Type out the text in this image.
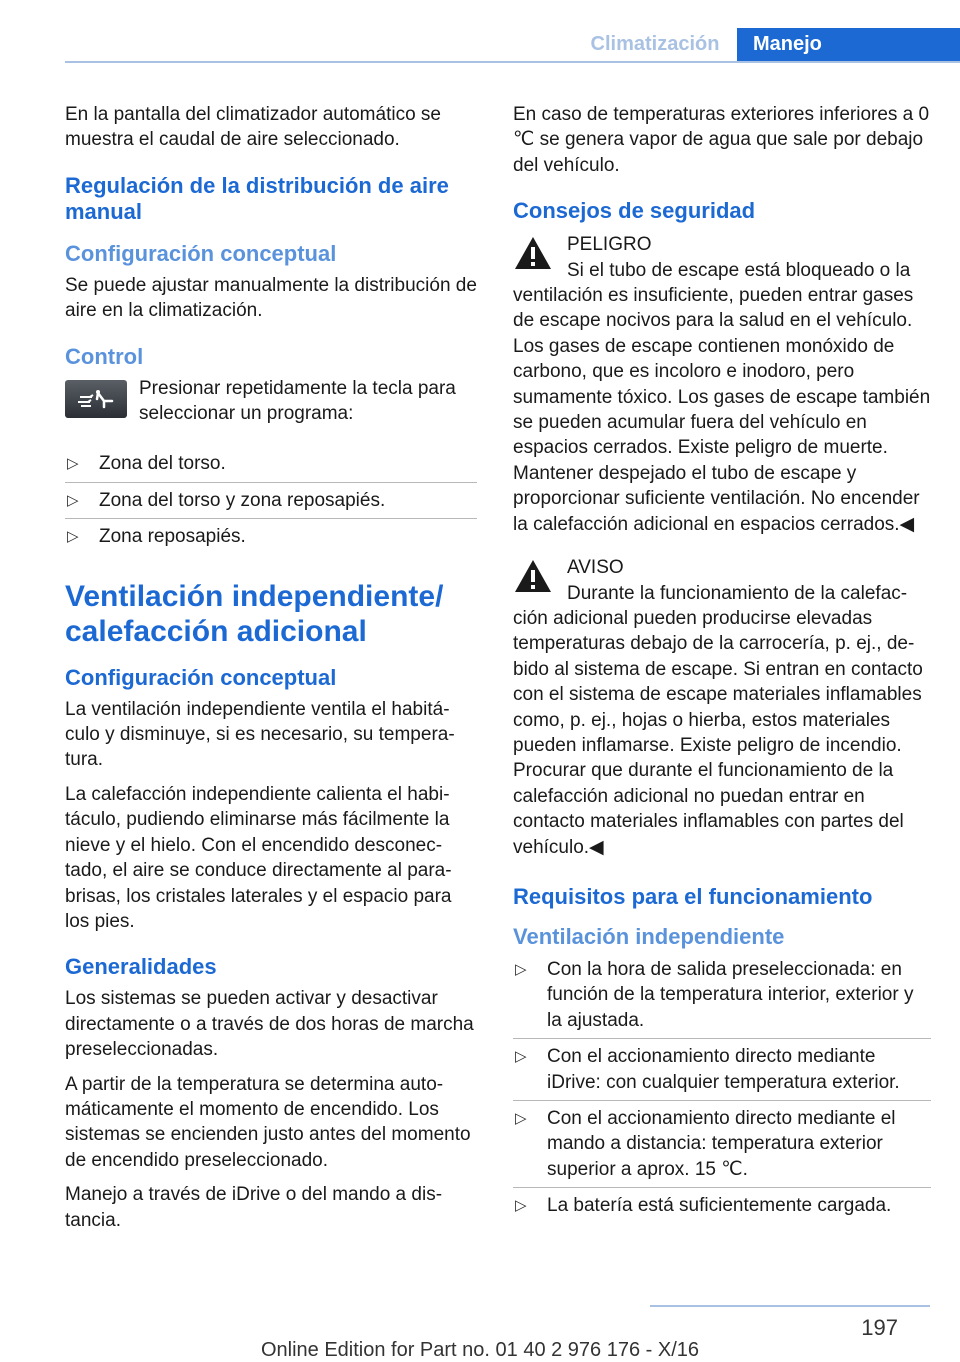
Climatización	Manejo

En la pantalla del climatizador automático se muestra el caudal de aire seleccionado.

Regulación de la distribución de aire manual
Configuración conceptual

Se puede ajustar manualmente la distribución de aire en la climatización.

Control

Presionar repetidamente la tecla para seleccionar un programa:

▷ Zona del torso.
▷ Zona del torso y zona reposapiés.
▷ Zona reposapiés.
Ventilación independiente/ calefacción adicional
Configuración conceptual

La ventilación independiente ventila el habitáculo y disminuye, si es necesario, su temperatura.

La calefacción independiente calienta el habitáculo, pudiendo eliminarse más fácilmente la nieve y el hielo. Con el encendido desconectado, el aire se conduce directamente al parabrisas, los cristales laterales y el espacio para los pies.

Generalidades

Los sistemas se pueden activar y desactivar directamente o a través de dos horas de marcha preseleccionadas.

A partir de la temperatura se determina automáticamente el momento de encendido. Los sistemas se encienden justo antes del momento de encendido preseleccionado.

Manejo a través de iDrive o del mando a distancia.

En caso de temperaturas exteriores inferiores a 0 ℃ se genera vapor de agua que sale por debajo del vehículo.

Consejos de seguridad

PELIGRO

Si el tubo de escape está bloqueado o la ventilación es insuficiente, pueden entrar gases de escape nocivos para la salud en el vehículo. Los gases de escape contienen monóxido de carbono, que es incoloro e inodoro, pero sumamente tóxico. Los gases de escape también se pueden acumular fuera del vehículo en espacios cerrados. Existe peligro de muerte. Mantener despejado el tubo de escape y proporcionar suficiente ventilación. No encender la calefacción adicional en espacios cerrados.◀

AVISO

Durante la funcionamiento de la calefacción adicional pueden producirse elevadas temperaturas debajo de la carrocería, p. ej., debido al sistema de escape. Si entran en contacto con el sistema de escape materiales inflamables como, p. ej., hojas o hierba, estos materiales pueden inflamarse. Existe peligro de incendio. Procurar que durante el funcionamiento de la calefacción adicional no puedan entrar en contacto materiales inflamables con partes del vehículo.◀

Requisitos para el funcionamiento
Ventilación independiente
▷ Con la hora de salida preseleccionada: en función de la temperatura interior, exterior y la ajustada.
▷ Con el accionamiento directo mediante iDrive: con cualquier temperatura exterior.
▷ Con el accionamiento directo mediante el mando a distancia: temperatura exterior superior a aprox. 15 ℃.
▷ La batería está suficientemente cargada.
197
Online Edition for Part no. 01 40 2 976 176 - X/16
